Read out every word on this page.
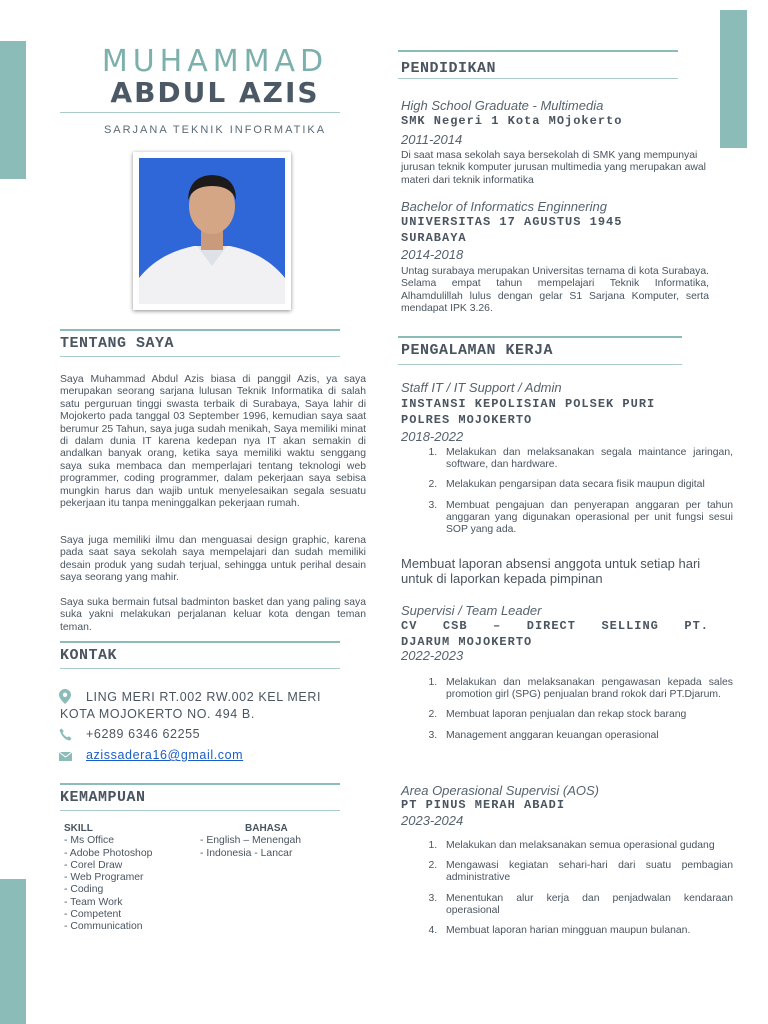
MUHAMMAD
ABDUL AZIS
SARJANA TEKNIK INFORMATIKA
TENTANG SAYA
Saya Muhammad Abdul Azis biasa di panggil Azis, ya saya merupakan seorang sarjana lulusan Teknik Informatika di salah satu perguruan tinggi swasta terbaik di Surabaya, Saya lahir di Mojokerto pada tanggal 03 September 1996, kemudian saya saat berumur 25 Tahun, saya juga sudah menikah, Saya memiliki minat di dalam dunia IT karena kedepan nya IT akan semakin di andalkan banyak orang, ketika saya memiliki waktu senggang saya suka membaca dan memperlajari tentang teknologi web programmer, coding programmer, dalam pekerjaan saya sebisa mungkin harus dan wajib untuk menyelesaikan segala sesuatu pekerjaan itu tanpa meninggalkan pekerjaan rumah.
Saya juga memiliki ilmu dan menguasai design graphic, karena pada saat saya sekolah saya mempelajari dan sudah memiliki desain produk yang sudah terjual, sehingga untuk perihal desain saya seorang yang mahir.
Saya suka bermain futsal badminton basket dan yang paling saya suka yakni melakukan perjalanan keluar kota dengan teman teman.
KONTAK
LING MERI RT.002 RW.002 KEL MERI
KOTA MOJOKERTO NO. 494 B.
+6289 6346 62255
azissadera16@gmail.com
KEMAMPUAN
SKILL
- Ms Office
- Adobe Photoshop
- Corel Draw
- Web Programer
- Coding
- Team Work
- Competent
- Communication
BAHASA
- English – Menengah
- Indonesia - Lancar
PENDIDIKAN
High School Graduate - Multimedia
SMK Negeri 1 Kota MOjokerto
2011-2014
Di saat masa sekolah saya bersekolah di SMK yang mempunyai jurusan teknik komputer jurusan multimedia yang merupakan awal materi dari teknik informatika
Bachelor of Informatics Enginnering
UNIVERSITAS 17 AGUSTUS 1945
SURABAYA
2014-2018
Untag surabaya merupakan Universitas ternama di kota Surabaya. Selama empat tahun mempelajari Teknik Informatika, Alhamdulillah lulus dengan gelar S1 Sarjana Komputer, serta mendapat IPK 3.26.
PENGALAMAN KERJA
Staff IT / IT Support / Admin
INSTANSI KEPOLISIAN POLSEK PURI
POLRES MOJOKERTO
2018-2022
1. Melakukan dan melaksanakan segala maintance jaringan, software, dan hardware.
2. Melakukan pengarsipan data secara fisik maupun digital
3. Membuat pengajuan dan penyerapan anggaran per tahun anggaran yang digunakan operasional per unit fungsi sesui SOP yang ada.
Membuat laporan absensi anggota untuk setiap hari untuk di laporkan kepada pimpinan
Supervisi / Team Leader
CV CSB – DIRECT SELLING PT.
DJARUM MOJOKERTO
2022-2023
1. Melakukan dan melaksanakan pengawasan kepada sales promotion girl (SPG) penjualan brand rokok dari PT.Djarum.
2. Membuat laporan penjualan dan rekap stock barang
3. Management anggaran keuangan operasional
Area Operasional Supervisi (AOS)
PT PINUS MERAH ABADI
2023-2024
1. Melakukan dan melaksanakan semua operasional gudang
2. Mengawasi kegiatan sehari-hari dari suatu pembagian administrative
3. Menentukan alur kerja dan penjadwalan kendaraan operasional
4. Membuat laporan harian mingguan maupun bulanan.
